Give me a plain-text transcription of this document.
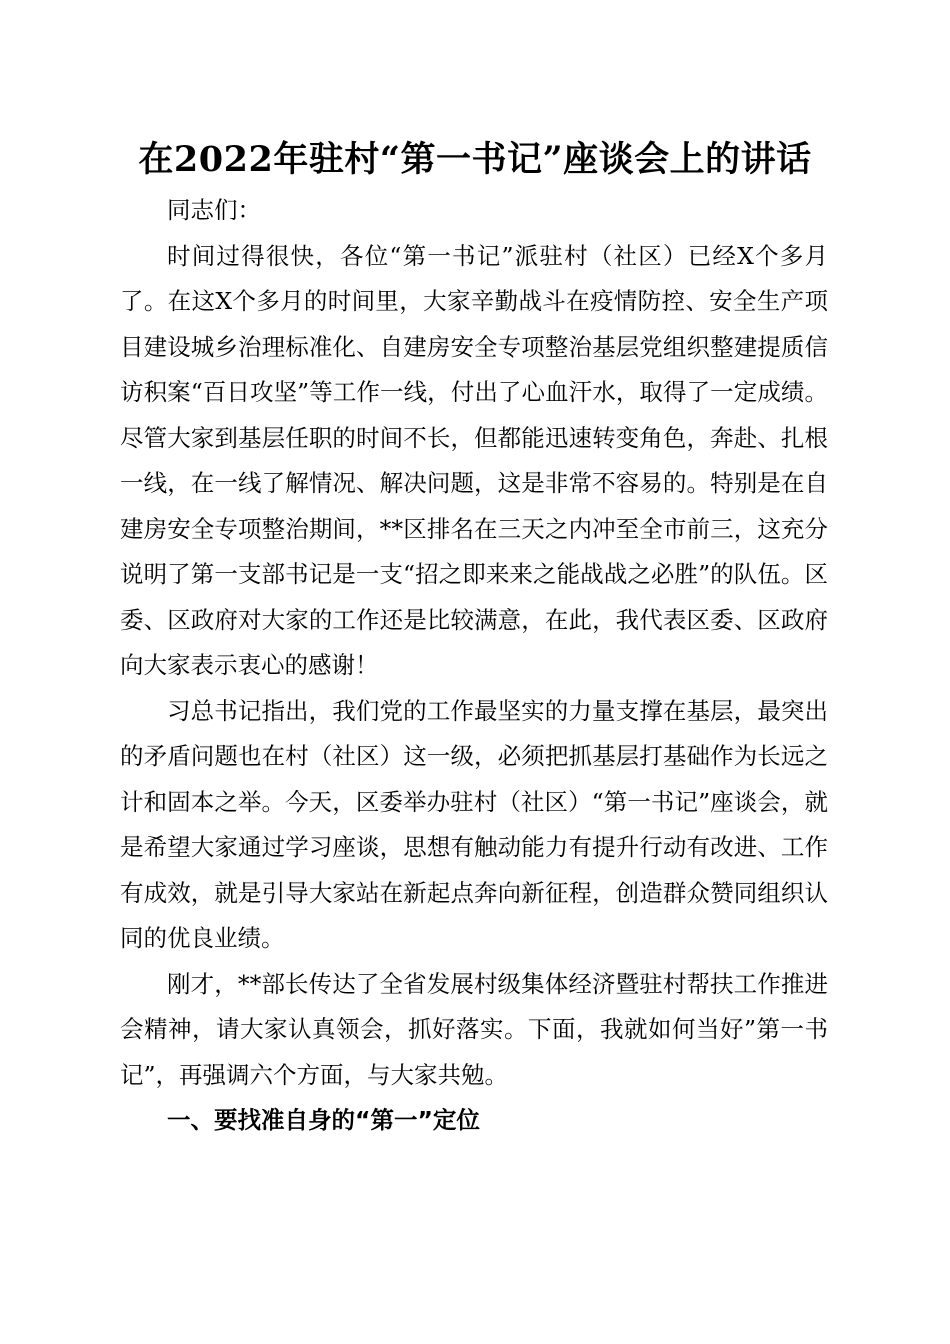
在2022年驻村“第一书记”座谈会上的讲话

同志们：

时间过得很快，各位“第一书记”派驻村（社区）已经X个多月了。在这X个多月的时间里，大家辛勤战斗在疫情防控、安全生产项目建设城乡治理标准化、自建房安全专项整治基层党组织整建提质信访积案“百日攻坚”等工作一线，付出了心血汗水，取得了一定成绩。尽管大家到基层任职的时间不长，但都能迅速转变角色，奔赴、扎根一线，在一线了解情况、解决问题，这是非常不容易的。特别是在自建房安全专项整治期间，**区排名在三天之内冲至全市前三，这充分说明了第一支部书记是一支“招之即来来之能战战之必胜”的队伍。区委、区政府对大家的工作还是比较满意，在此，我代表区委、区政府向大家表示衷心的感谢！

习总书记指出，我们党的工作最坚实的力量支撑在基层，最突出的矛盾问题也在村（社区）这一级，必须把抓基层打基础作为长远之计和固本之举。今天，区委举办驻村（社区）“第一书记”座谈会，就是希望大家通过学习座谈，思想有触动能力有提升行动有改进、工作有成效，就是引导大家站在新起点奔向新征程，创造群众赞同组织认同的优良业绩。

刚才，**部长传达了全省发展村级集体经济暨驻村帮扶工作推进会精神，请大家认真领会，抓好落实。下面，我就如何当好”第一书记”，再强调六个方面，与大家共勉。

一、要找准自身的“第一”定位
